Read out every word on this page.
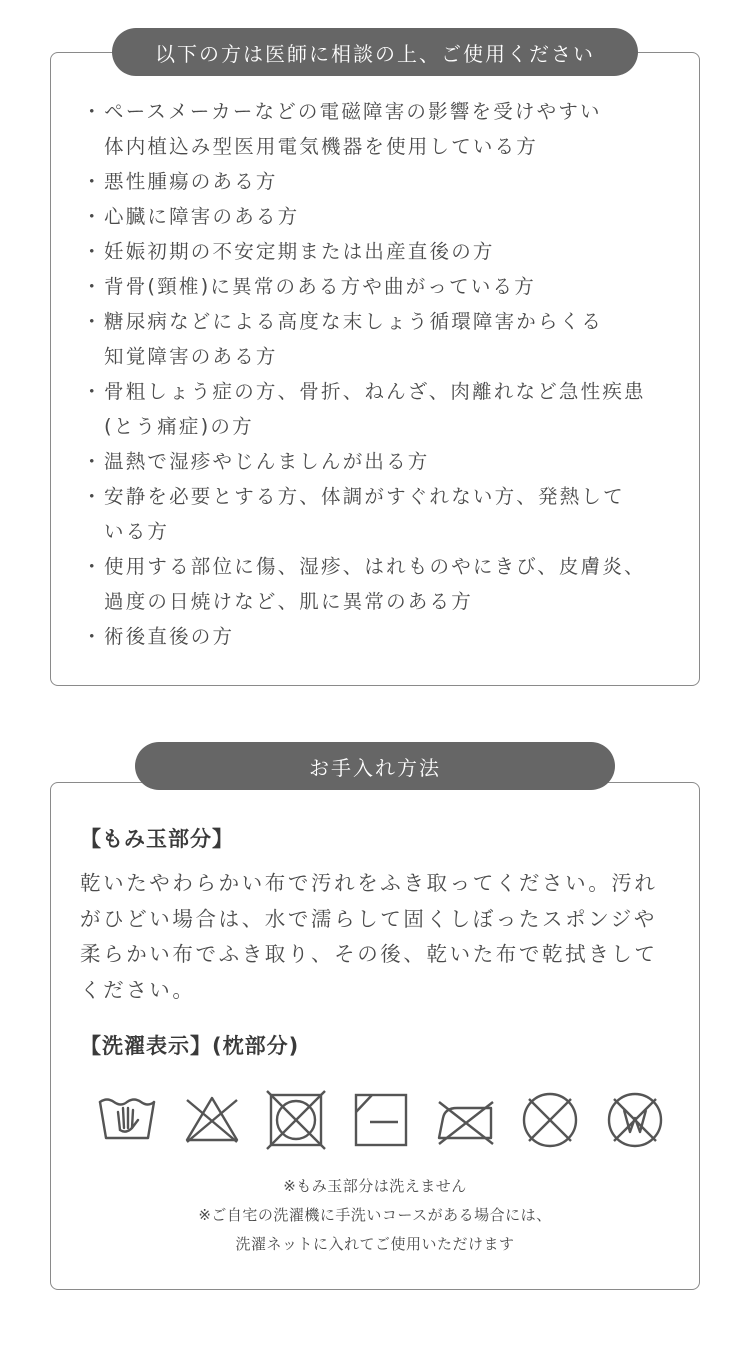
以下の方は医師に相談の上、ご使用ください
・ ペースメーカーなどの電磁障害の影響を受けやすい
体内植込み型医用電気機器を使用している方
・ 悪性腫瘍のある方
・ 心臓に障害のある方
・ 妊娠初期の不安定期または出産直後の方
・ 背骨(頸椎)に異常のある方や曲がっている方
・ 糖尿病などによる高度な末しょう循環障害からくる
知覚障害のある方
・ 骨粗しょう症の方、骨折、ねんざ、肉離れなど急性疾患
(とう痛症)の方
・ 温熱で湿疹やじんましんが出る方
・ 安静を必要とする方、体調がすぐれない方、発熱して
いる方
・ 使用する部位に傷、湿疹、はれものやにきび、皮膚炎、
過度の日焼けなど、肌に異常のある方
・ 術後直後の方
お手入れ方法
【もみ玉部分】

乾いたやわらかい布で汚れをふき取ってください。汚れがひどい場合は、水で濡らして固くしぼったスポンジや柔らかい布でふき取り、その後、乾いた布で乾拭きしてください。

【洗濯表示】(枕部分)
※もみ玉部分は洗えません
※ご自宅の洗濯機に手洗いコースがある場合には、
洗濯ネットに入れてご使用いただけます
